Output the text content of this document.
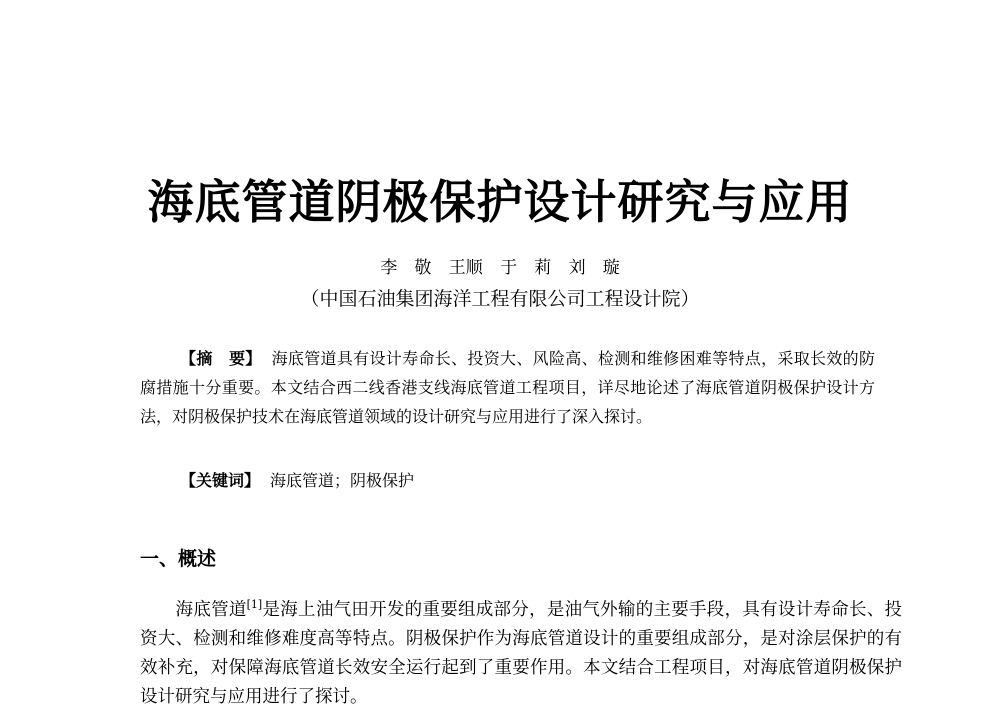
海底管道阴极保护设计研究与应用
李　敬 王顺 于　莉 刘　璇
（中国石油集团海洋工程有限公司工程设计院）

【摘　要】 海底管道具有设计寿命长、投资大、风险高、检测和维修困难等特点，采取长效的防腐措施十分重要。本文结合西二线香港支线海底管道工程项目，详尽地论述了海底管道阴极保护设计方法，对阴极保护技术在海底管道领域的设计研究与应用进行了深入探讨。

【关键词】 海底管道；阴极保护
一、概述

　　海底管道[1]是海上油气田开发的重要组成部分，是油气外输的主要手段，具有设计寿命长、投资大、检测和维修难度高等特点。阴极保护作为海底管道设计的重要组成部分，是对涂层保护的有效补充，对保障海底管道长效安全运行起到了重要作用。本文结合工程项目，对海底管道阴极保护设计研究与应用进行了探讨。
